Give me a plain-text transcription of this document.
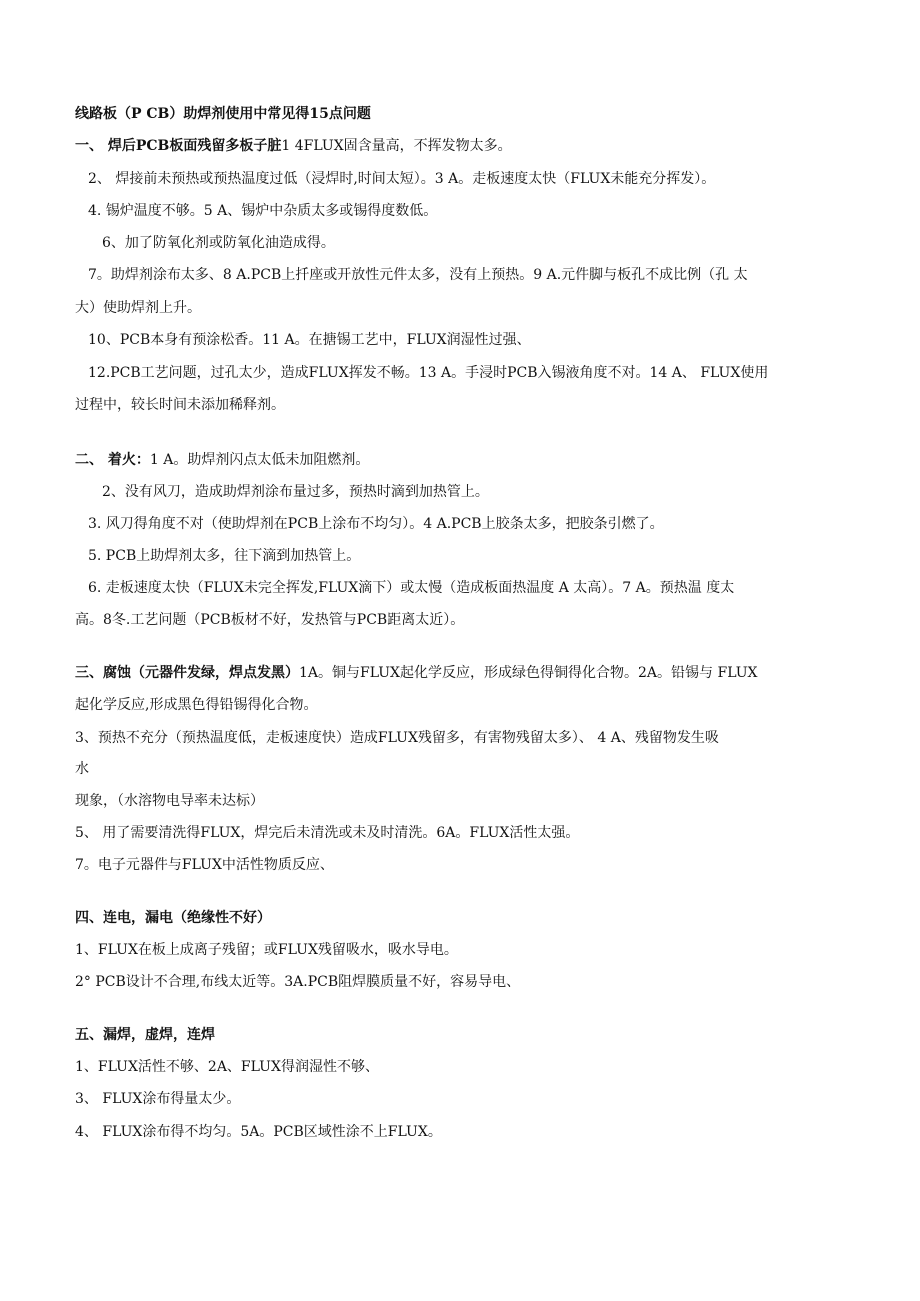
线路板（P CB）助焊剂使用中常见得15点问题
一、 焊后PCB板面残留多板子脏1 4FLUX固含量高，不挥发物太多。
2、 焊接前未预热或预热温度过低（浸焊时,时间太短）。3 A。走板速度太快（FLUX未能充分挥发）。
4. 锡炉温度不够。5 A、锡炉中杂质太多或锡得度数低。
6、加了防氧化剂或防氧化油造成得。
7。助焊剂涂布太多、8 A.PCB上扦座或开放性元件太多，没有上预热。9 A.元件脚与板孔不成比例（孔 太
大）使助焊剂上升。
10、PCB本身有预涂松香。11 A。在搪锡工艺中，FLUX润湿性过强、
12.PCB工艺问题，过孔太少，造成FLUX挥发不畅。13 A。手浸时PCB入锡液角度不对。14 A、 FLUX使用
过程中，较长时间未添加稀释剂。
二、 着火：1 A。助焊剂闪点太低未加阻燃剂。
2、没有风刀，造成助焊剂涂布量过多，预热时滴到加热管上。
3. 风刀得角度不对（使助焊剂在PCB上涂布不均匀）。4 A.PCB上胶条太多，把胶条引燃了。
5. PCB上助焊剂太多，往下滴到加热管上。
6. 走板速度太快（FLUX未完全挥发,FLUX滴下）或太慢（造成板面热温度 A 太高）。7 A。预热温 度太
高。8冬.工艺问题（PCB板材不好，发热管与PCB距离太近）。
三、腐蚀（元器件发绿，焊点发黑）1A。铜与FLUX起化学反应，形成绿色得铜得化合物。2A。铅锡与 FLUX
起化学反应,形成黑色得铅锡得化合物。
3、预热不充分（预热温度低，走板速度快）造成FLUX残留多，有害物残留太多）、 4 A、残留物发生吸
水
现象，（水溶物电导率未达标）
5、 用了需要清洗得FLUX，焊完后未清洗或未及时清洗。6A。FLUX活性太强。
7。电子元器件与FLUX中活性物质反应、
四、连电，漏电（绝缘性不好）
1、FLUX在板上成离子残留；或FLUX残留吸水，吸水导电。
2° PCB设计不合理,布线太近等。3A.PCB阻焊膜质量不好，容易导电、
五、漏焊，虚焊，连焊
1、FLUX活性不够、2A、FLUX得润湿性不够、
3、 FLUX涂布得量太少。
4、 FLUX涂布得不均匀。5A。PCB区域性涂不上FLUX。
